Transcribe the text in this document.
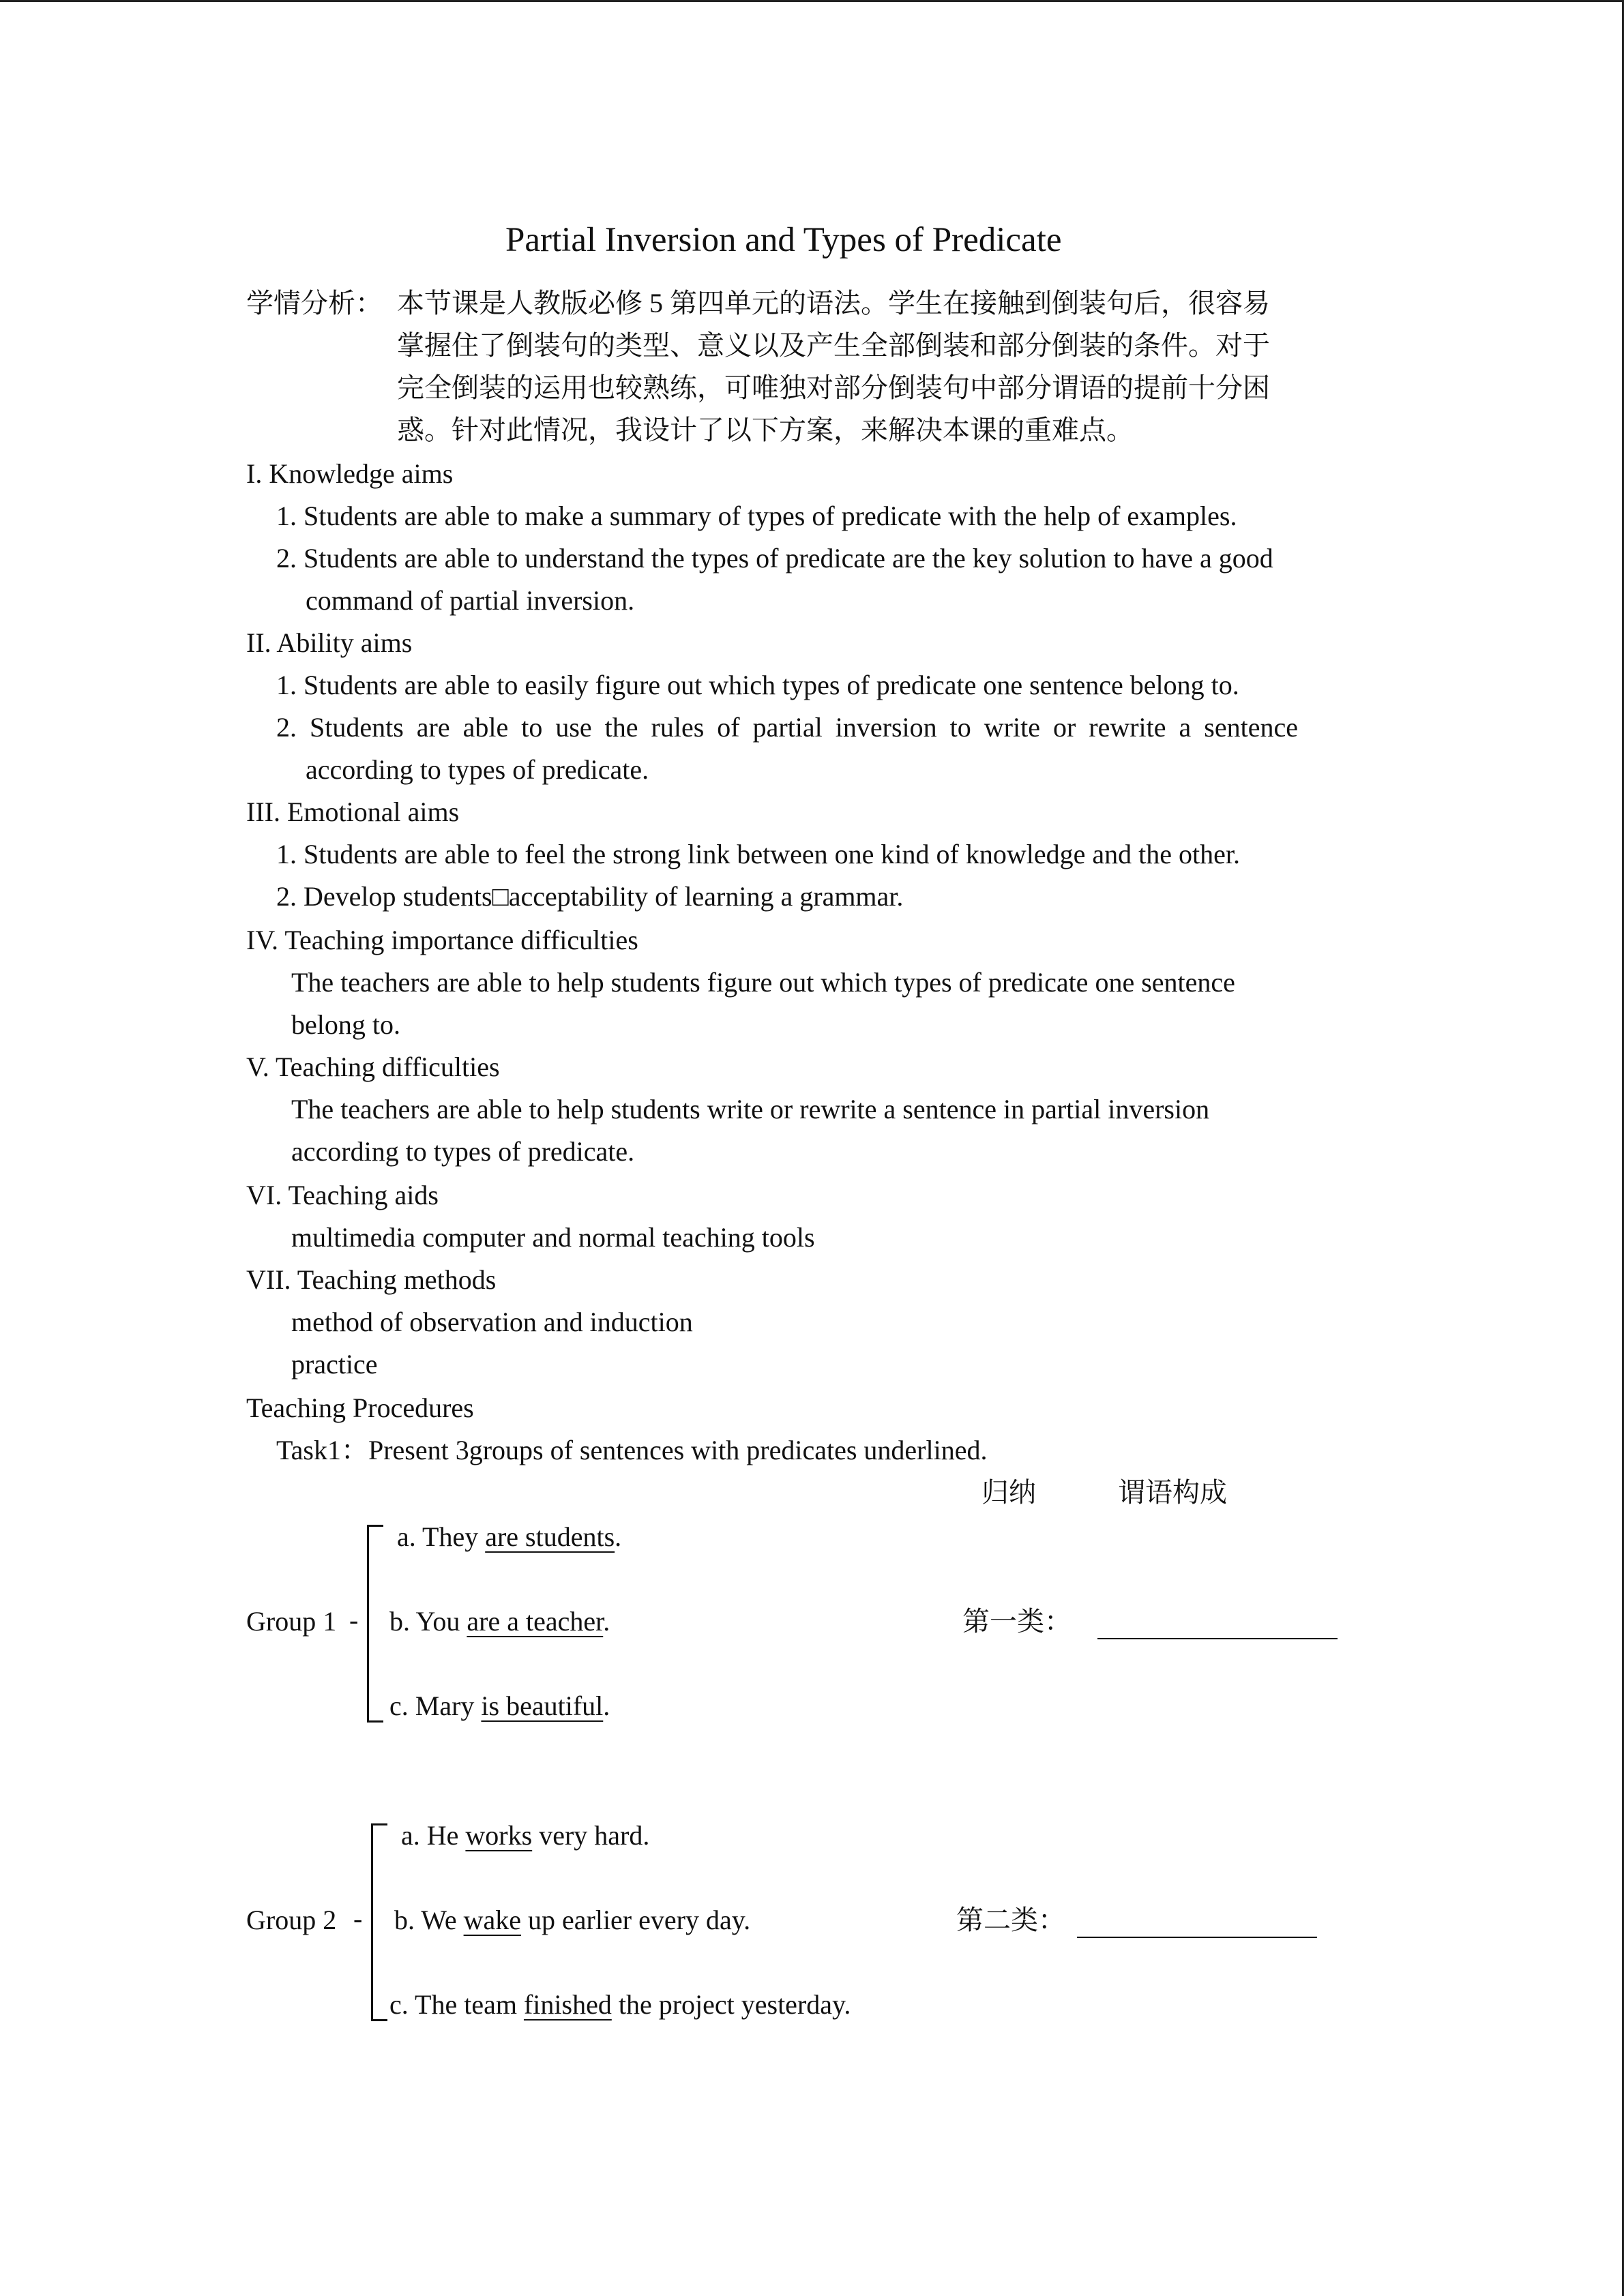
Partial Inversion and Types of Predicate
学情分析： 本节课是人教版必修 5 第四单元的语法。学生在接触到倒装句后，很容易
掌握住了倒装句的类型、意义以及产生全部倒装和部分倒装的条件。对于
完全倒装的运用也较熟练，可唯独对部分倒装句中部分谓语的提前十分困
惑。针对此情况，我设计了以下方案，来解决本课的重难点。
I. Knowledge aims
1. Students are able to make a summary of types of predicate with the help of examples.
2. Students are able to understand the types of predicate are the key solution to have a good
command of partial inversion.
II. Ability aims
1. Students are able to easily figure out which types of predicate one sentence belong to.
2. Students are able to use the rules of partial inversion to write or rewrite a sentence
according to types of predicate.
III. Emotional aims
1. Students are able to feel the strong link between one kind of knowledge and the other.
2. Develop students□acceptability of learning a grammar.
IV. Teaching importance difficulties
The teachers are able to help students figure out which types of predicate one sentence
belong to.
V. Teaching difficulties
The teachers are able to help students write or rewrite a sentence in partial inversion
according to types of predicate.
VI. Teaching aids
multimedia computer and normal teaching tools
VII. Teaching methods
method of observation and induction
practice
Teaching Procedures
Task1：Present 3groups of sentences with predicates underlined.
归纳	谓语构成
Group 1 -
a. They are students.
b. You are a teacher.
c. Mary is beautiful.
第一类：
Group 2 -
a. He works very hard.
b. We wake up earlier every day.
c. The team finished the project yesterday.
第二类：
